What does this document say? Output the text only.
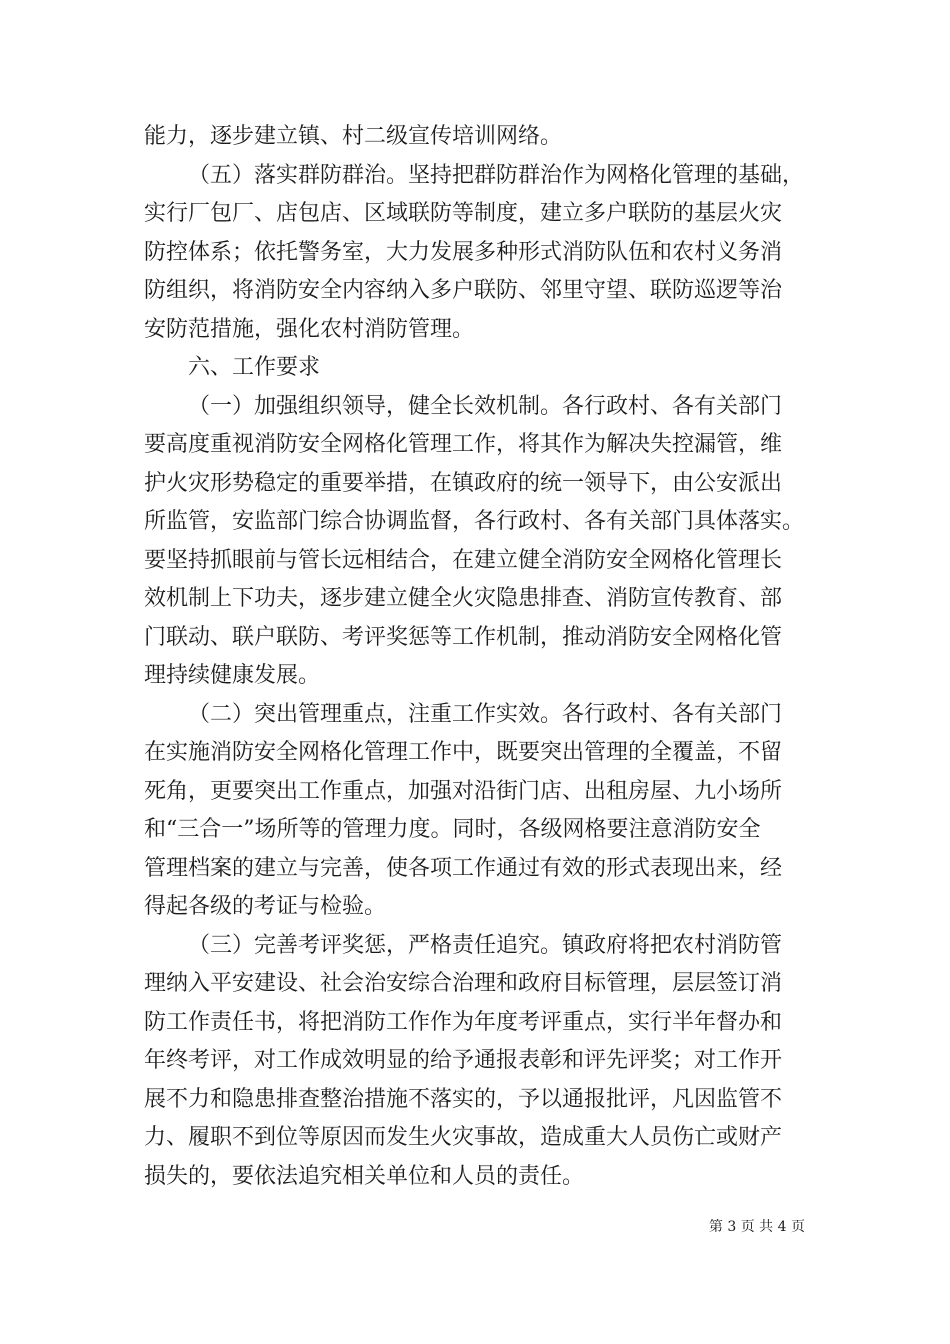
能力，逐步建立镇、村二级宣传培训网络。
（五）落实群防群治。坚持把群防群治作为网格化管理的基础，
实行厂包厂、店包店、区域联防等制度，建立多户联防的基层火灾
防控体系；依托警务室，大力发展多种形式消防队伍和农村义务消
防组织，将消防安全内容纳入多户联防、邻里守望、联防巡逻等治
安防范措施，强化农村消防管理。
六、工作要求
（一）加强组织领导，健全长效机制。各行政村、各有关部门
要高度重视消防安全网格化管理工作，将其作为解决失控漏管，维
护火灾形势稳定的重要举措，在镇政府的统一领导下，由公安派出
所监管，安监部门综合协调监督，各行政村、各有关部门具体落实。
要坚持抓眼前与管长远相结合，在建立健全消防安全网格化管理长
效机制上下功夫，逐步建立健全火灾隐患排查、消防宣传教育、部
门联动、联户联防、考评奖惩等工作机制，推动消防安全网格化管
理持续健康发展。
（二）突出管理重点，注重工作实效。各行政村、各有关部门
在实施消防安全网格化管理工作中，既要突出管理的全覆盖，不留
死角，更要突出工作重点，加强对沿街门店、出租房屋、九小场所
和“三合一”场所等的管理力度。同时，各级网格要注意消防安全
管理档案的建立与完善，使各项工作通过有效的形式表现出来，经
得起各级的考证与检验。
（三）完善考评奖惩，严格责任追究。镇政府将把农村消防管
理纳入平安建设、社会治安综合治理和政府目标管理，层层签订消
防工作责任书，将把消防工作作为年度考评重点，实行半年督办和
年终考评，对工作成效明显的给予通报表彰和评先评奖；对工作开
展不力和隐患排查整治措施不落实的，予以通报批评，凡因监管不
力、履职不到位等原因而发生火灾事故，造成重大人员伤亡或财产
损失的，要依法追究相关单位和人员的责任。
第 3 页 共 4 页
